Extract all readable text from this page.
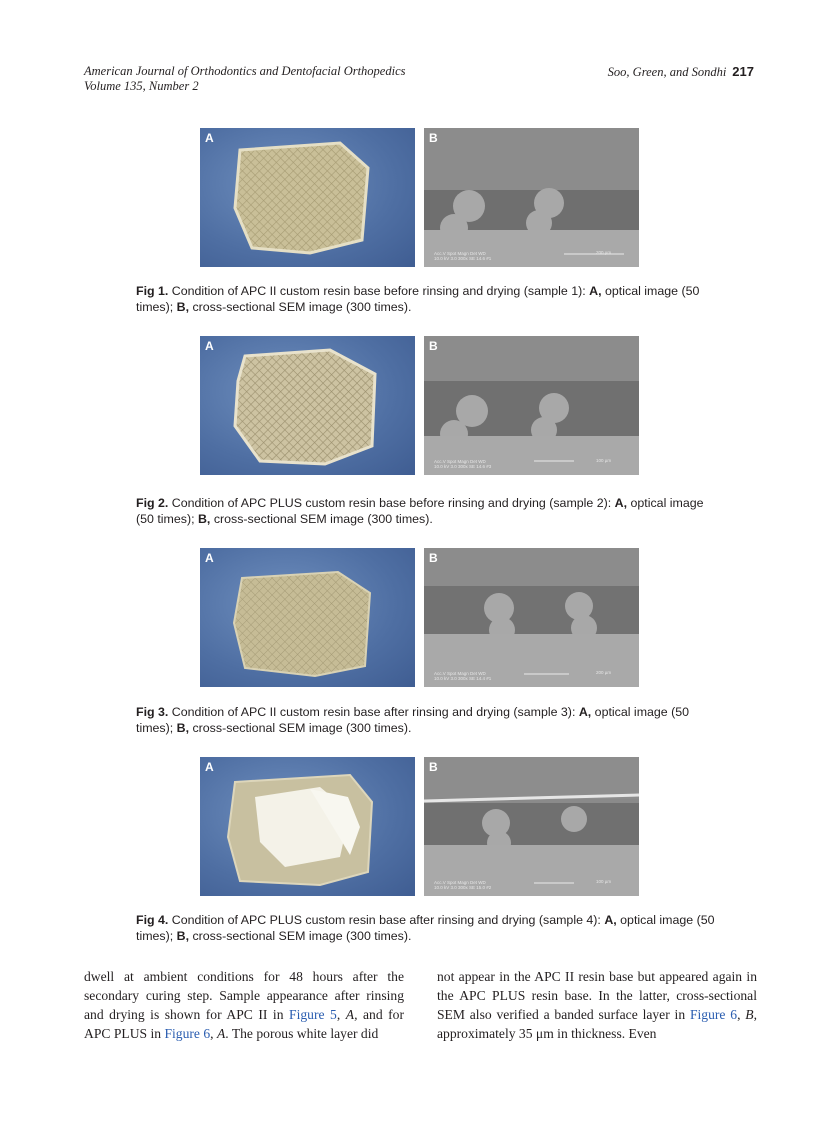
American Journal of Orthodontics and Dentofacial Orthopedics
Volume 135, Number 2
Soo, Green, and Sondhi 217
A	B
Acc.V Spot Magn Det WD
10.0 kV 3.0 300x SE 14.6 #1
200 µm
Fig 1. Condition of APC II custom resin base before rinsing and drying (sample 1): A, optical image (50 times); B, cross-sectional SEM image (300 times).
A	B
Acc.V Spot Magn Det WD
10.0 kV 3.0 300x SE 14.6 #3
100 µm
Fig 2. Condition of APC PLUS custom resin base before rinsing and drying (sample 2): A, optical image (50 times); B, cross-sectional SEM image (300 times).
A	B
Acc.V Spot Magn Det WD
10.0 kV 3.0 300x SE 14.4 #1
200 µm
Fig 3. Condition of APC II custom resin base after rinsing and drying (sample 3): A, optical image (50 times); B, cross-sectional SEM image (300 times).
A	B
Acc.V Spot Magn Det WD
10.0 kV 3.0 300x SE 15.0 #2
100 µm
Fig 4. Condition of APC PLUS custom resin base after rinsing and drying (sample 4): A, optical image (50 times); B, cross-sectional SEM image (300 times).
dwell at ambient conditions for 48 hours after the secondary curing step. Sample appearance after rinsing and drying is shown for APC II in Figure 5, A, and for APC PLUS in Figure 6, A. The porous white layer did
not appear in the APC II resin base but appeared again in the APC PLUS resin base. In the latter, cross-sectional SEM also verified a banded surface layer in Figure 6, B, approximately 35 μm in thickness. Even
